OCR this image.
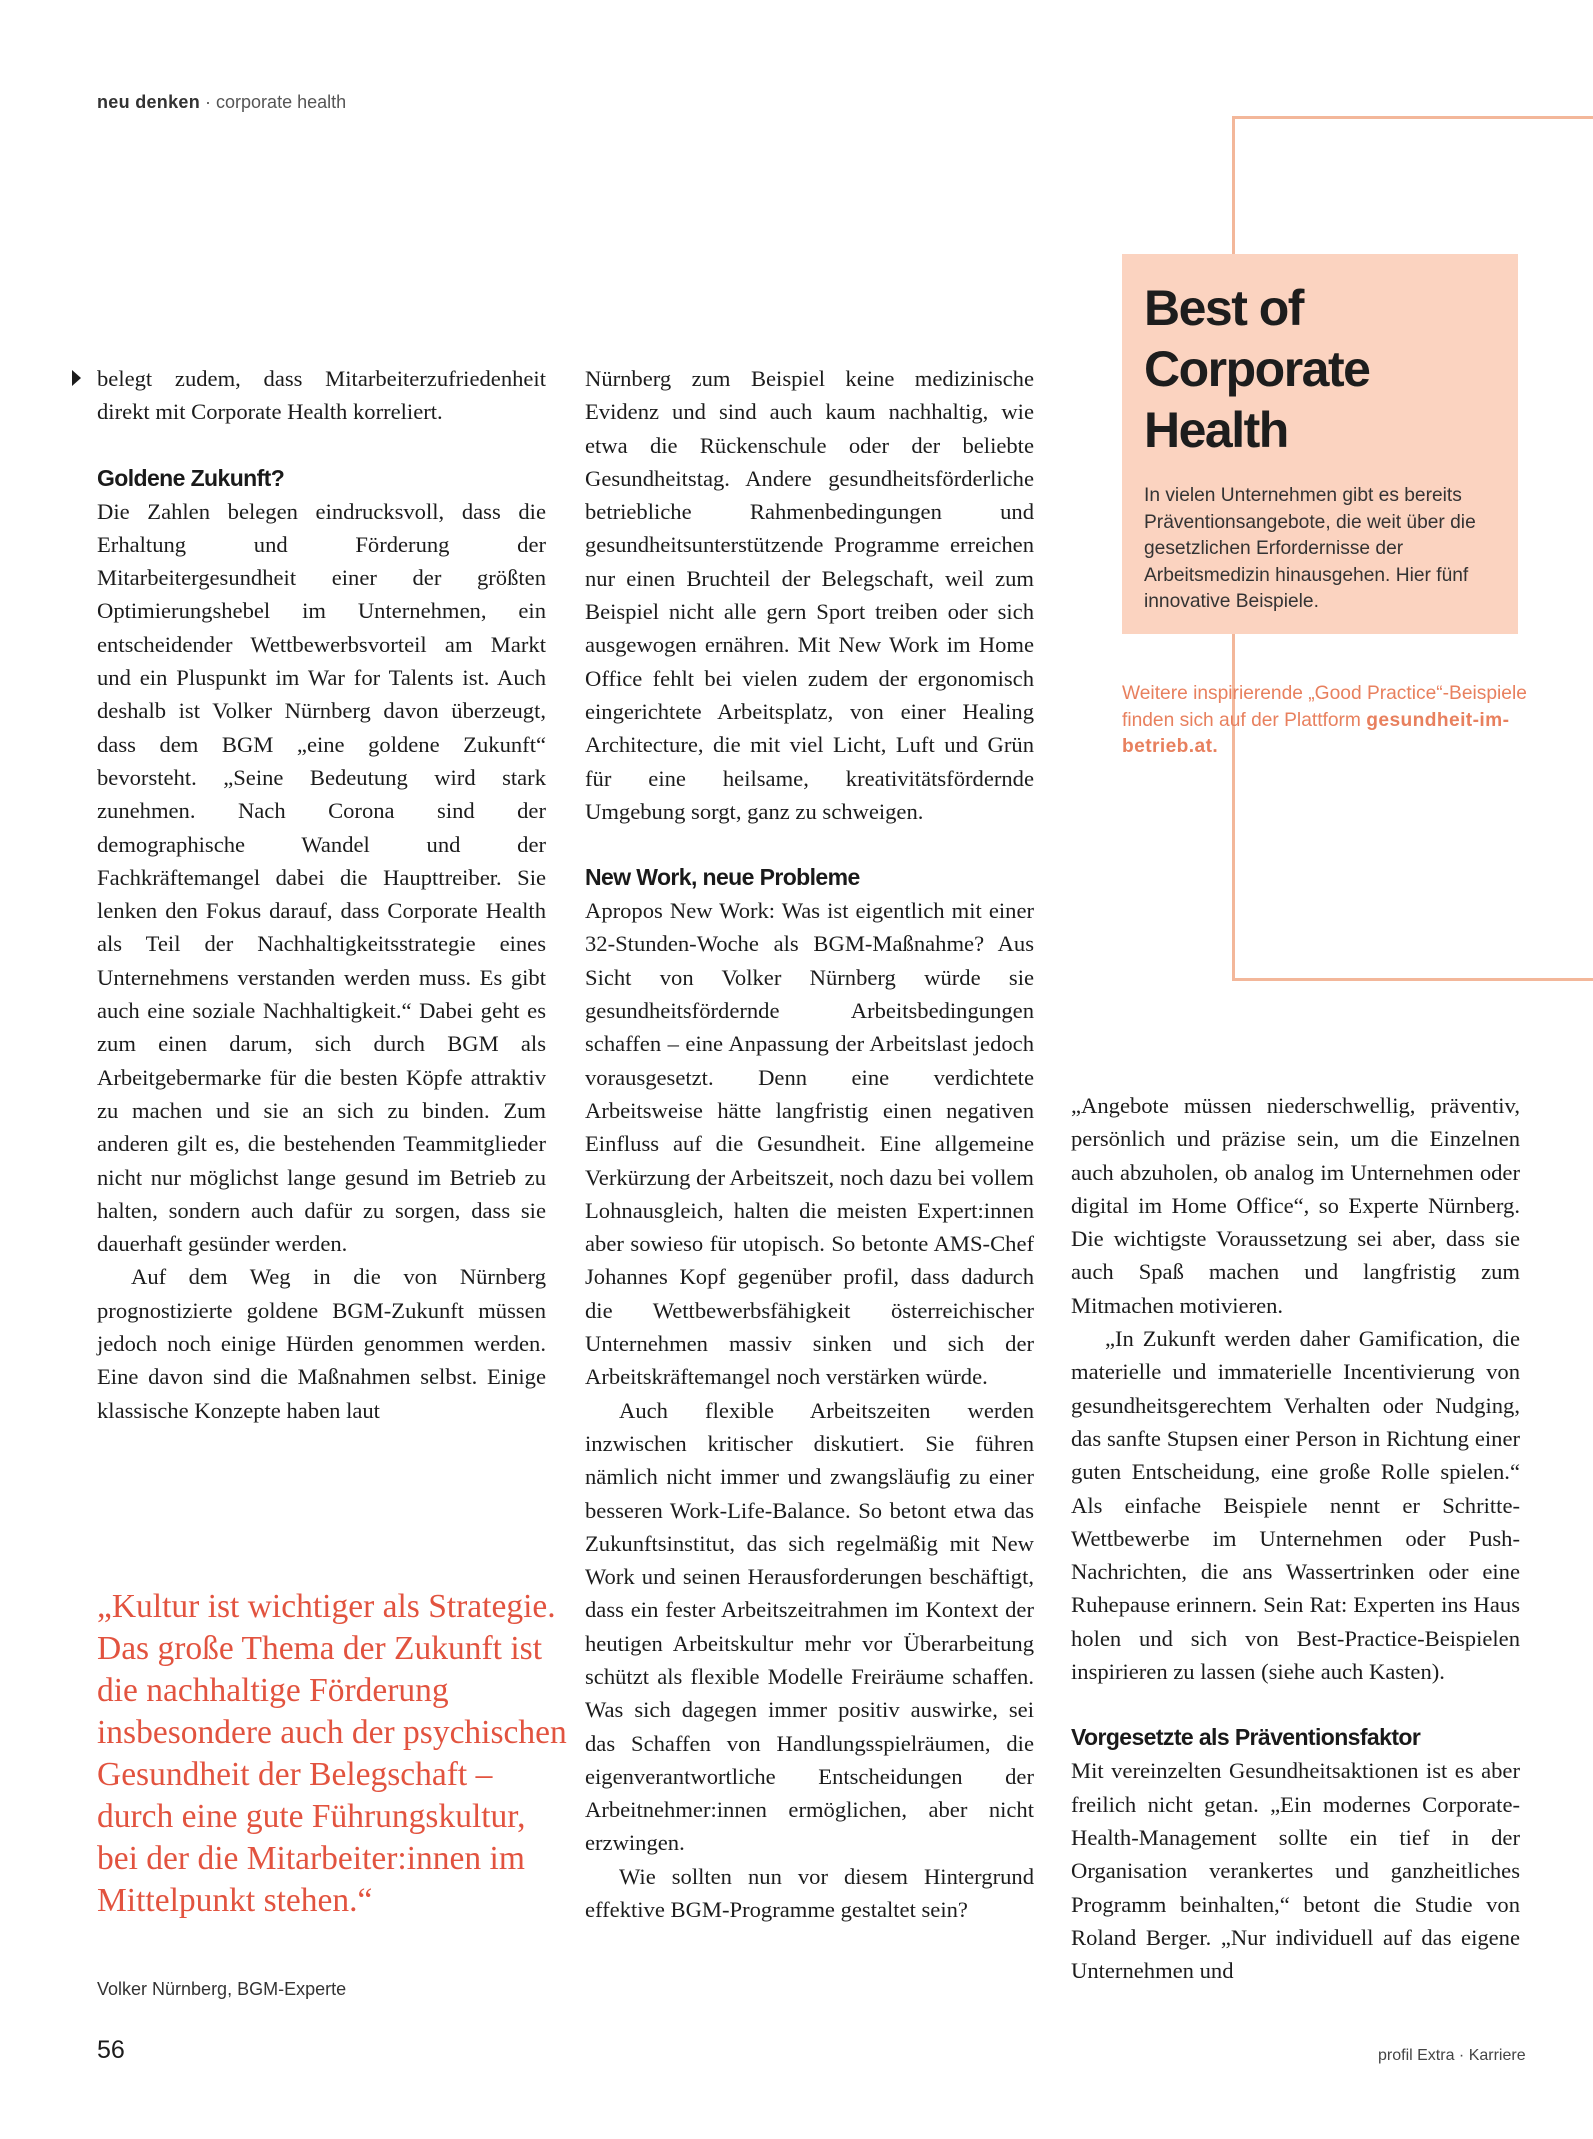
neu denken · corporate health

belegt zudem, dass Mitarbeiterzufriedenheit direkt mit Corporate Health korreliert.

Goldene Zukunft?

Die Zahlen belegen eindrucksvoll, dass die Erhaltung und Förderung der Mitarbeitergesundheit einer der größten Optimierungshebel im Unternehmen, ein entscheidender Wettbewerbsvorteil am Markt und ein Pluspunkt im War for Talents ist. Auch deshalb ist Volker Nürnberg davon überzeugt, dass dem BGM „eine goldene Zukunft“ bevorsteht. „Seine Bedeutung wird stark zunehmen. Nach Corona sind der demographische Wandel und der Fachkräftemangel dabei die Haupttreiber. Sie lenken den Fokus darauf, dass Corporate Health als Teil der Nachhaltigkeitsstrategie eines Unternehmens verstanden werden muss. Es gibt auch eine soziale Nachhaltigkeit.“ Dabei geht es zum einen darum, sich durch BGM als Arbeitgebermarke für die besten Köpfe attraktiv zu machen und sie an sich zu binden. Zum anderen gilt es, die bestehenden Teammitglieder nicht nur möglichst lange gesund im Betrieb zu halten, sondern auch dafür zu sorgen, dass sie dauerhaft gesünder werden.

Auf dem Weg in die von Nürnberg prognostizierte goldene BGM-Zukunft müssen jedoch noch einige Hürden genommen werden. Eine davon sind die Maßnahmen selbst. Einige klassische Konzepte haben laut

Nürnberg zum Beispiel keine medizinische Evidenz und sind auch kaum nachhaltig, wie etwa die Rückenschule oder der beliebte Gesundheitstag. Andere gesundheitsförderliche betriebliche Rahmenbedingungen und gesundheitsunterstützende Programme erreichen nur einen Bruchteil der Belegschaft, weil zum Beispiel nicht alle gern Sport treiben oder sich ausgewogen ernähren. Mit New Work im Home Office fehlt bei vielen zudem der ergonomisch eingerichtete Arbeitsplatz, von einer Healing Architecture, die mit viel Licht, Luft und Grün für eine heilsame, kreativitätsfördernde Umgebung sorgt, ganz zu schweigen.

New Work, neue Probleme

Apropos New Work: Was ist eigentlich mit einer 32-Stunden-Woche als BGM-Maßnahme? Aus Sicht von Volker Nürnberg würde sie gesundheitsfördernde Arbeitsbedingungen schaffen – eine Anpassung der Arbeitslast jedoch vorausgesetzt. Denn eine verdichtete Arbeitsweise hätte langfristig einen negativen Einfluss auf die Gesundheit. Eine allgemeine Verkürzung der Arbeitszeit, noch dazu bei vollem Lohnausgleich, halten die meisten Expert:innen aber sowieso für utopisch. So betonte AMS-Chef Johannes Kopf gegenüber profil, dass dadurch die Wettbewerbsfähigkeit österreichischer Unternehmen massiv sinken und sich der Arbeitskräftemangel noch verstärken würde.

Auch flexible Arbeitszeiten werden inzwischen kritischer diskutiert. Sie führen nämlich nicht immer und zwangsläufig zu einer besseren Work-Life-Balance. So betont etwa das Zukunftsinstitut, das sich regelmäßig mit New Work und seinen Herausforderungen beschäftigt, dass ein fester Arbeitszeitrahmen im Kontext der heutigen Arbeitskultur mehr vor Überarbeitung schützt als flexible Modelle Freiräume schaffen. Was sich dagegen immer positiv auswirke, sei das Schaffen von Handlungsspielräumen, die eigenverantwortliche Entscheidungen der Arbeitnehmer:innen ermöglichen, aber nicht erzwingen.

Wie sollten nun vor diesem Hintergrund effektive BGM-Programme gestaltet sein?

„Angebote müssen niederschwellig, präventiv, persönlich und präzise sein, um die Einzelnen auch abzuholen, ob analog im Unternehmen oder digital im Home Office“, so Experte Nürnberg. Die wichtigste Voraussetzung sei aber, dass sie auch Spaß machen und langfristig zum Mitmachen motivieren.

„In Zukunft werden daher Gamification, die materielle und immaterielle Incentivierung von gesundheitsgerechtem Verhalten oder Nudging, das sanfte Stupsen einer Person in Richtung einer guten Entscheidung, eine große Rolle spielen.“ Als einfache Beispiele nennt er Schritte-Wettbewerbe im Unternehmen oder Push-Nachrichten, die ans Wassertrinken oder eine Ruhepause erinnern. Sein Rat: Experten ins Haus holen und sich von Best-Practice-Beispielen inspirieren zu lassen (siehe auch Kasten).

Vorgesetzte als Präventionsfaktor

Mit vereinzelten Gesundheitsaktionen ist es aber freilich nicht getan. „Ein modernes Corporate-Health-Management sollte ein tief in der Organisation verankertes und ganzheitliches Programm beinhalten,“ betont die Studie von Roland Berger. „Nur individuell auf das eigene Unternehmen und

Best of
Corporate
Health

In vielen Unternehmen gibt es bereits Präventionsangebote, die weit über die gesetzlichen Erfordernisse der Arbeitsmedizin hinausgehen. Hier fünf innovative Beispiele.

Weitere inspirierende „Good Practice“-Beispiele finden sich auf der Plattform gesundheit-im-betrieb.at.

„Kultur ist wichtiger als Strategie. Das große Thema der Zukunft ist die nachhaltige Förderung insbesondere auch der psychischen Gesundheit der Belegschaft – durch eine gute Führungskultur, bei der die Mitarbeiter:innen im Mittelpunkt stehen.“

Volker Nürnberg, BGM-Experte
56	profil Extra · Karriere
